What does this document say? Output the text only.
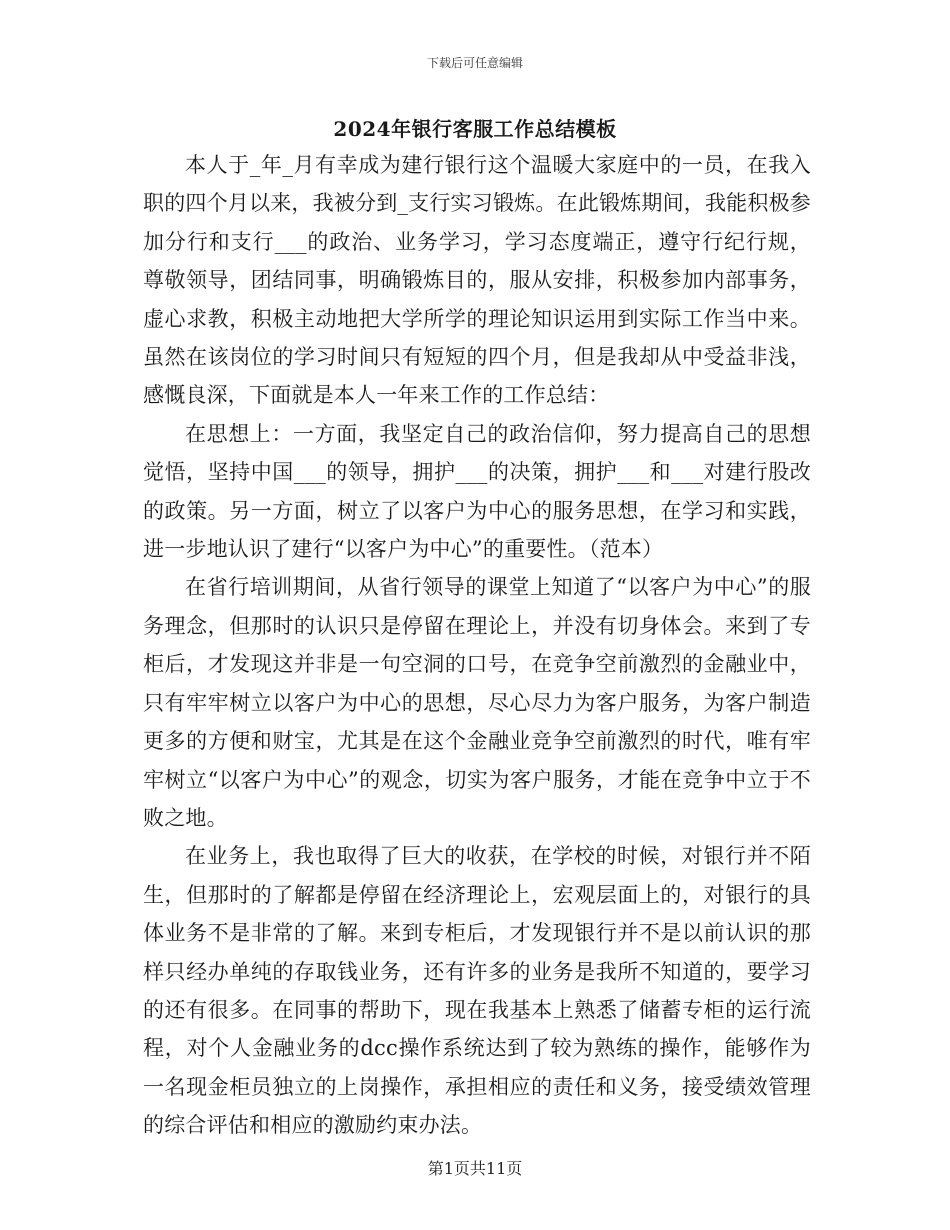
下载后可任意编辑
2024年银行客服工作总结模板

本人于_年_月有幸成为建行银行这个温暖大家庭中的一员，在我入职的四个月以来，我被分到_支行实习锻炼。在此锻炼期间，我能积极参加分行和支行___的政治、业务学习，学习态度端正，遵守行纪行规，尊敬领导，团结同事，明确锻炼目的，服从安排，积极参加内部事务，虚心求教，积极主动地把大学所学的理论知识运用到实际工作当中来。虽然在该岗位的学习时间只有短短的四个月，但是我却从中受益非浅，感慨良深，下面就是本人一年来工作的工作总结：

在思想上：一方面，我坚定自己的政治信仰，努力提高自己的思想觉悟，坚持中国___的领导，拥护___的决策，拥护___和___对建行股改的政策。另一方面，树立了以客户为中心的服务思想，在学习和实践，进一步地认识了建行“以客户为中心”的重要性。（范本）

在省行培训期间，从省行领导的课堂上知道了“以客户为中心”的服务理念，但那时的认识只是停留在理论上，并没有切身体会。来到了专柜后，才发现这并非是一句空洞的口号，在竞争空前激烈的金融业中，只有牢牢树立以客户为中心的思想，尽心尽力为客户服务，为客户制造更多的方便和财宝，尤其是在这个金融业竞争空前激烈的时代，唯有牢牢树立“以客户为中心”的观念，切实为客户服务，才能在竞争中立于不败之地。

在业务上，我也取得了巨大的收获，在学校的时候，对银行并不陌生，但那时的了解都是停留在经济理论上，宏观层面上的，对银行的具体业务不是非常的了解。来到专柜后，才发现银行并不是以前认识的那样只经办单纯的存取钱业务，还有许多的业务是我所不知道的，要学习的还有很多。在同事的帮助下，现在我基本上熟悉了储蓄专柜的运行流程，对个人金融业务的dcc操作系统达到了较为熟练的操作，能够作为一名现金柜员独立的上岗操作，承担相应的责任和义务，接受绩效管理的综合评估和相应的激励约束办法。

第1页共11页
